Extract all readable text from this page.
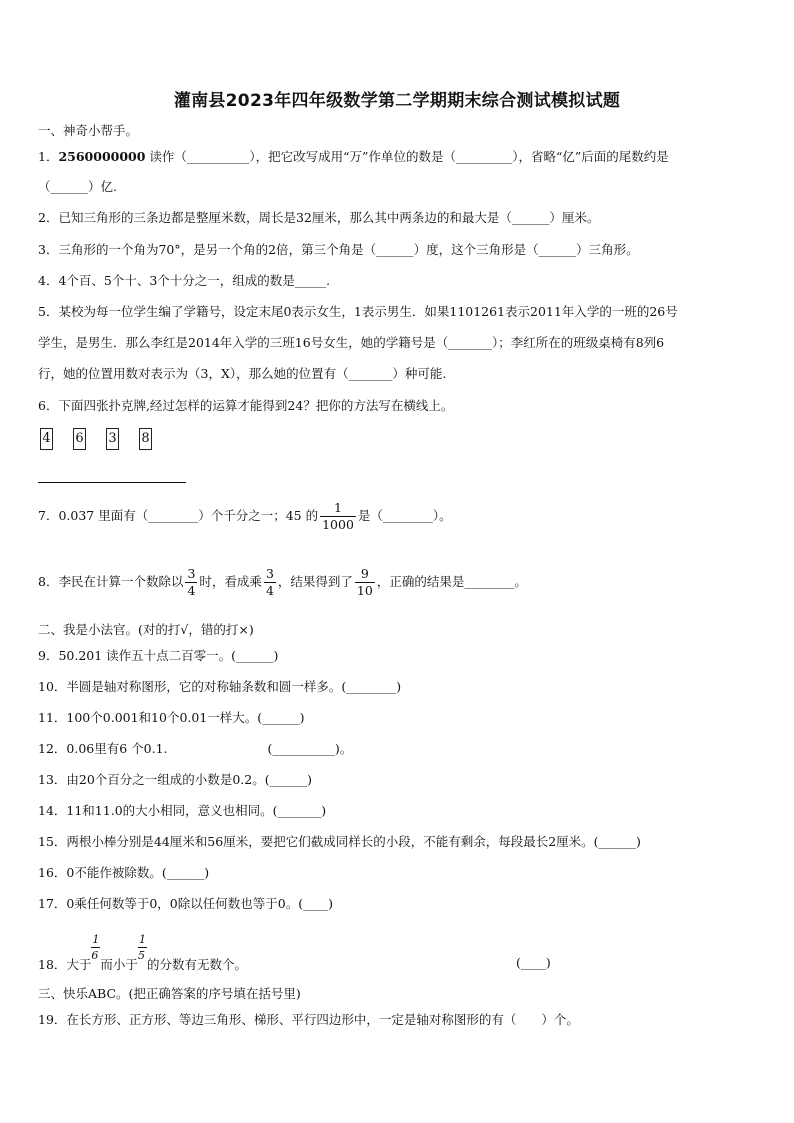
灌南县2023年四年级数学第二学期期末综合测试模拟试题
一、神奇小帮手。
1．2560000000 读作（__________），把它改写成用“万”作单位的数是（_________），省略“亿”后面的尾数约是
（______）亿.
2．已知三角形的三条边都是整厘米数，周长是32厘米，那么其中两条边的和最大是（______）厘米。
3．三角形的一个角为70°，是另一个角的2倍，第三个角是（______）度，这个三角形是（______）三角形。
4．4个百、5个十、3个十分之一，组成的数是_____.
5．某校为每一位学生编了学籍号，设定末尾0表示女生，1表示男生．如果1101261表示2011年入学的一班的26号
学生，是男生．那么李红是2014年入学的三班16号女生，她的学籍号是（_______）；李红所在的班级桌椅有8列6
行，她的位置用数对表示为（3，X），那么她的位置有（_______）种可能.
6．下面四张扑克牌,经过怎样的运算才能得到24？把你的方法写在横线上。
4 6 3 8
7．0.037 里面有（________）个千分之一；45 的 $\frac{1}{1000}$ 是（________）。
8．李民在计算一个数除以 $\frac{3}{4}$ 时，看成乘 $\frac{3}{4}$ ，结果得到了 $\frac{9}{10}$ ，正确的结果是________。
二、我是小法官。(对的打√，错的打×)
9．50.201 读作五十点二百零一。(______)
10．半圆是轴对称图形，它的对称轴条数和圆一样多。(________)
11．100个0.001和10个0.01一样大。(______)
12．0.06里有6 个0.1.	(__________)。
13．由20个百分之一组成的小数是0.2。(______)
14．11和11.0的大小相同，意义也相同。(_______)
15．两根小棒分别是44厘米和56厘米，要把它们截成同样长的小段，不能有剩余，每段最长2厘米。(______)
16．0不能作被除数。(______)
17．0乘任何数等于0，0除以任何数也等于0。(____)
18．大于 $\frac{1}{6}$ 而小于 $\frac{1}{5}$ 的分数有无数个。	(____)
三、快乐ABC。(把正确答案的序号填在括号里)
19．在长方形、正方形、等边三角形、梯形、平行四边形中，一定是轴对称图形的有（　　）个。
